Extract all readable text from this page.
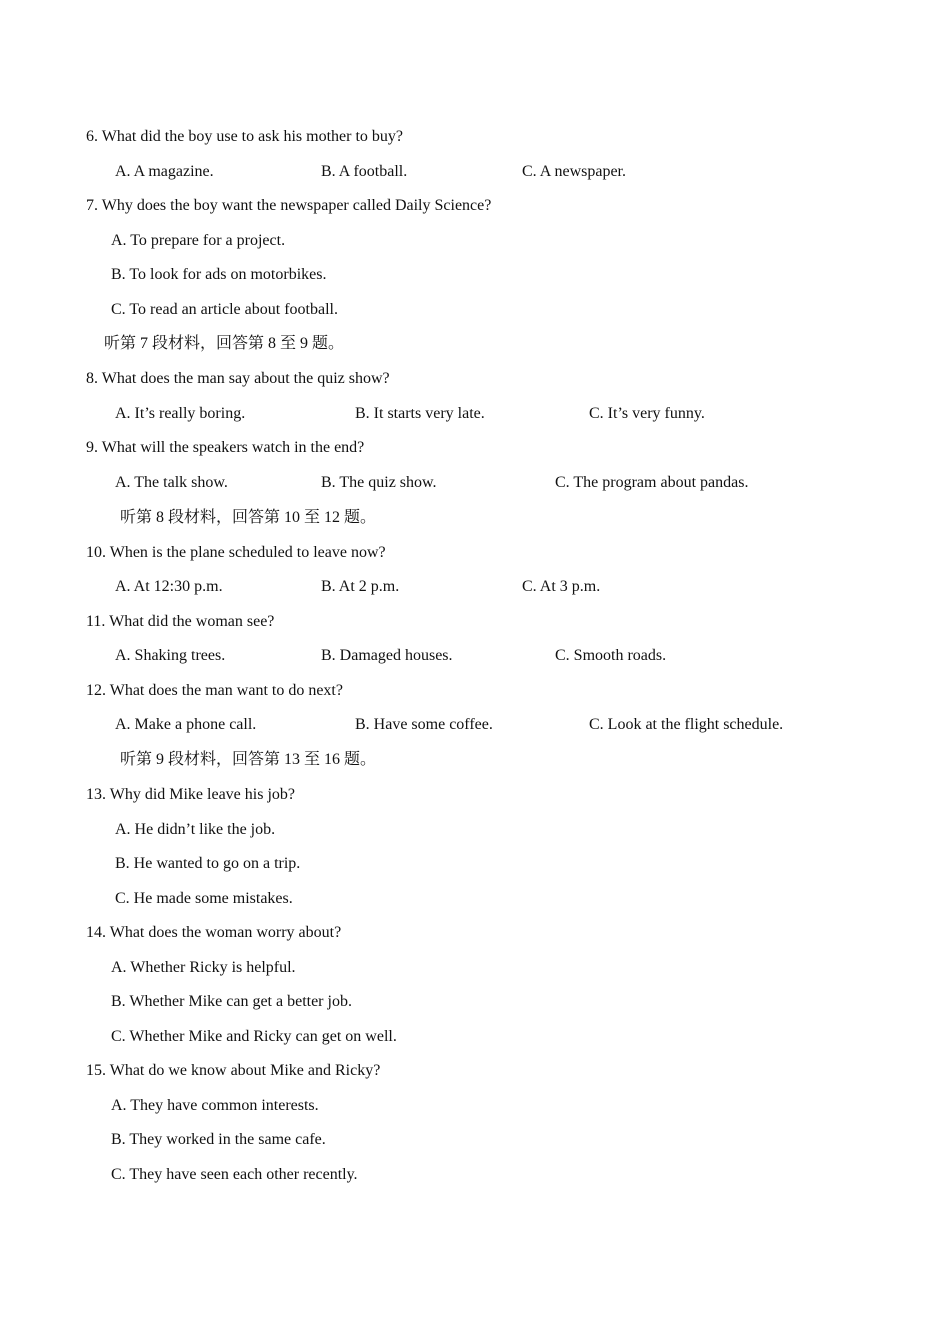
6. What did the boy use to ask his mother to buy?
A. A magazine.	B. A football.	C. A newspaper.
7. Why does the boy want the newspaper called Daily Science?
A. To prepare for a project.
B. To look for ads on motorbikes.
C. To read an article about football.
听第 7 段材料，回答第 8 至 9 题。
8. What does the man say about the quiz show?
A. It’s really boring.	B. It starts very late.	C. It’s very funny.
9. What will the speakers watch in the end?
A. The talk show.	B. The quiz show.	C. The program about pandas.
听第 8 段材料，回答第 10 至 12 题。
10. When is the plane scheduled to leave now?
A. At 12:30 p.m.	B. At 2 p.m.	C. At 3 p.m.
11. What did the woman see?
A. Shaking trees.	B. Damaged houses.	C. Smooth roads.
12. What does the man want to do next?
A. Make a phone call.	B. Have some coffee.	C. Look at the flight schedule.
听第 9 段材料，回答第 13 至 16 题。
13. Why did Mike leave his job?
A. He didn’t like the job.
B. He wanted to go on a trip.
C. He made some mistakes.
14. What does the woman worry about?
A. Whether Ricky is helpful.
B. Whether Mike can get a better job.
C. Whether Mike and Ricky can get on well.
15. What do we know about Mike and Ricky?
A. They have common interests.
B. They worked in the same cafe.
C. They have seen each other recently.
